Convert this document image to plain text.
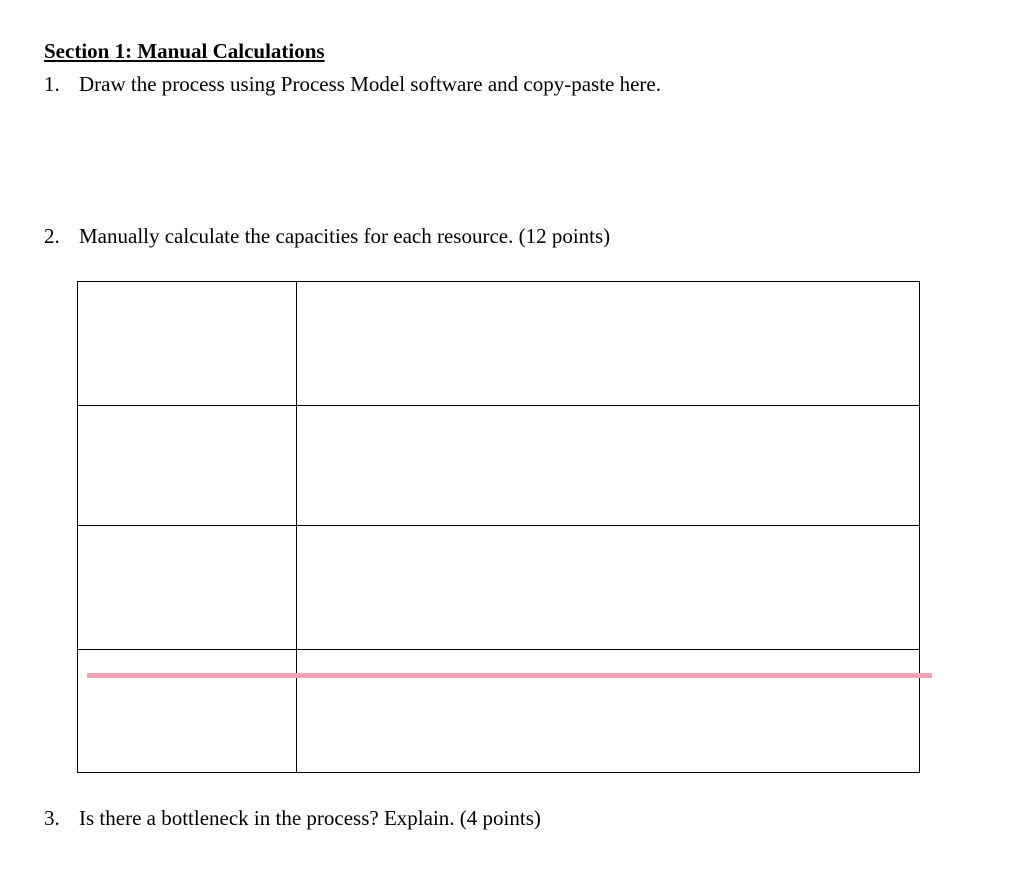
Section 1: Manual Calculations
1. Draw the process using Process Model software and copy-paste here.
2. Manually calculate the capacities for each resource. (12 points)

3. Is there a bottleneck in the process? Explain. (4 points)
